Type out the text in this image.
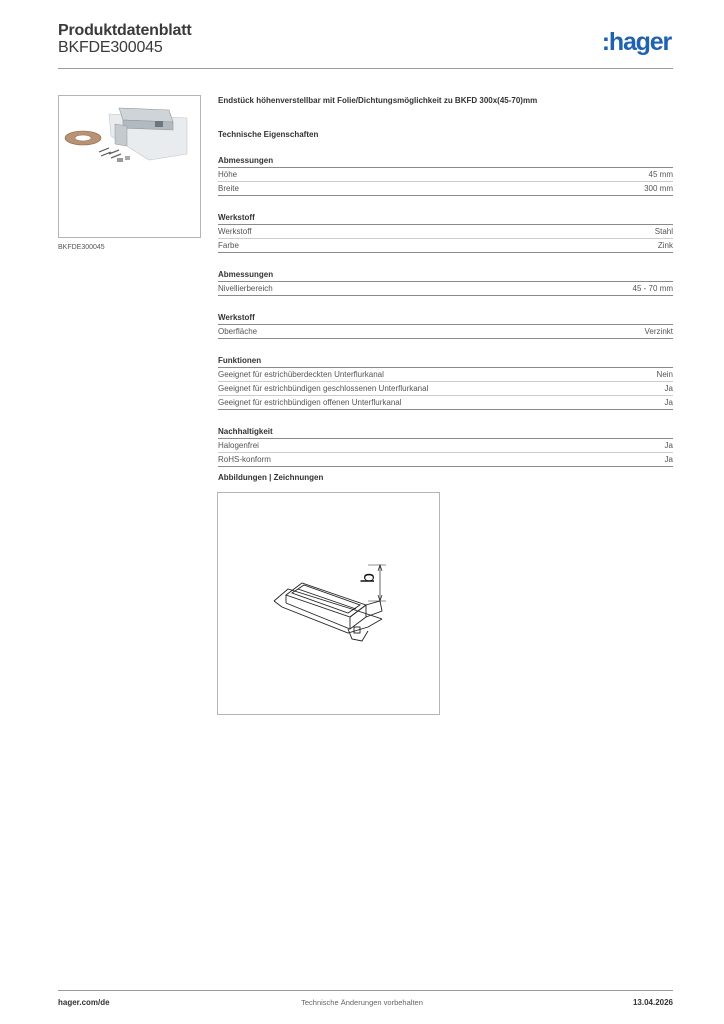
Produktdatenblatt
BKFDE300045	:hager
BKFDE300045
Endstück höhenverstellbar mit Folie/Dichtungsmöglichkeit zu BKFD 300x(45-70)mm
Technische Eigenschaften
Abmessungen
Höhe	45 mm
Breite	300 mm
Werkstoff
Werkstoff	Stahl
Farbe	Zink
Abmessungen
Nivellierbereich	45 - 70 mm
Werkstoff
Oberfläche	Verzinkt
Funktionen
Geeignet für estrichüberdeckten Unterflurkanal	Nein
Geeignet für estrichbündigen geschlossenen Unterflurkanal	Ja
Geeignet für estrichbündigen offenen Unterflurkanal	Ja
Nachhaltigkeit
Halogenfrei	Ja
RoHS-konform	Ja
Abbildungen | Zeichnungen
b
hager.com/de	Technische Änderungen vorbehalten	13.04.2026
